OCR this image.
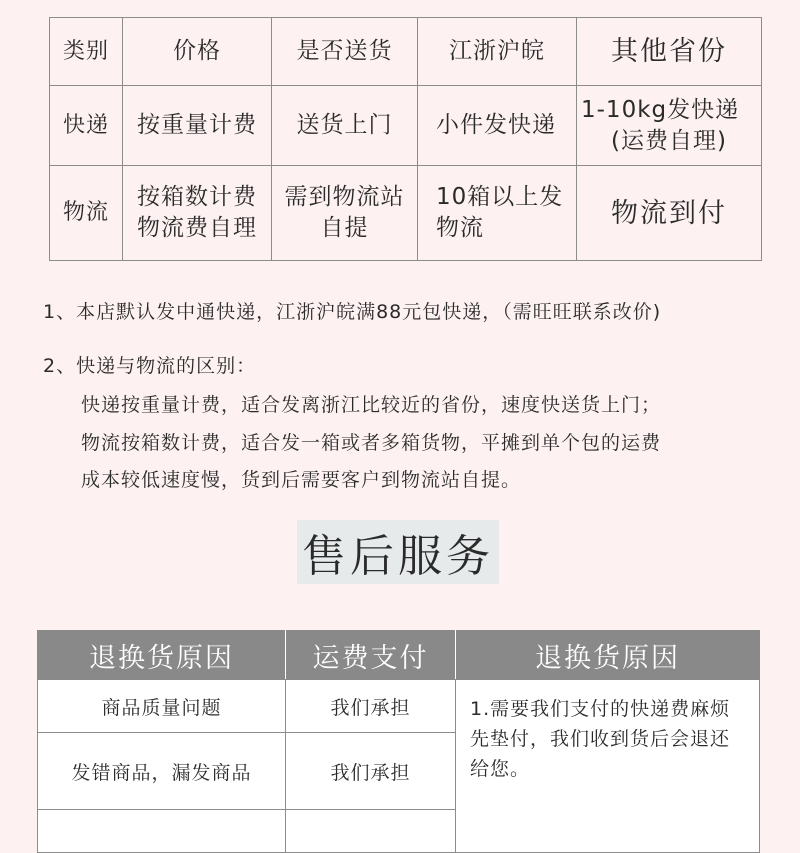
类别	价格	是否送货	江浙沪皖	其他省份
快递	按重量计费	送货上门	小件发快递	1-10kg发快递
(运费自理)

物流	按箱数计费物流费自理	需到物流站自提	10箱以上发物流	物流到付
1、本店默认发中通快递，江浙沪皖满88元包快递，（需旺旺联系改价)
2、快递与物流的区别：
快递按重量计费，适合发离浙江比较近的省份，速度快送货上门；
物流按箱数计费，适合发一箱或者多箱货物，平摊到单个包的运费
成本较低速度慢，货到后需要客户到物流站自提。
售后服务
退换货原因	运费支付	退换货原因
商品质量问题	我们承担	1.需要我们支付的快递费麻烦先垫付，我们收到货后会退还给您。
发错商品，漏发商品	我们承担	
